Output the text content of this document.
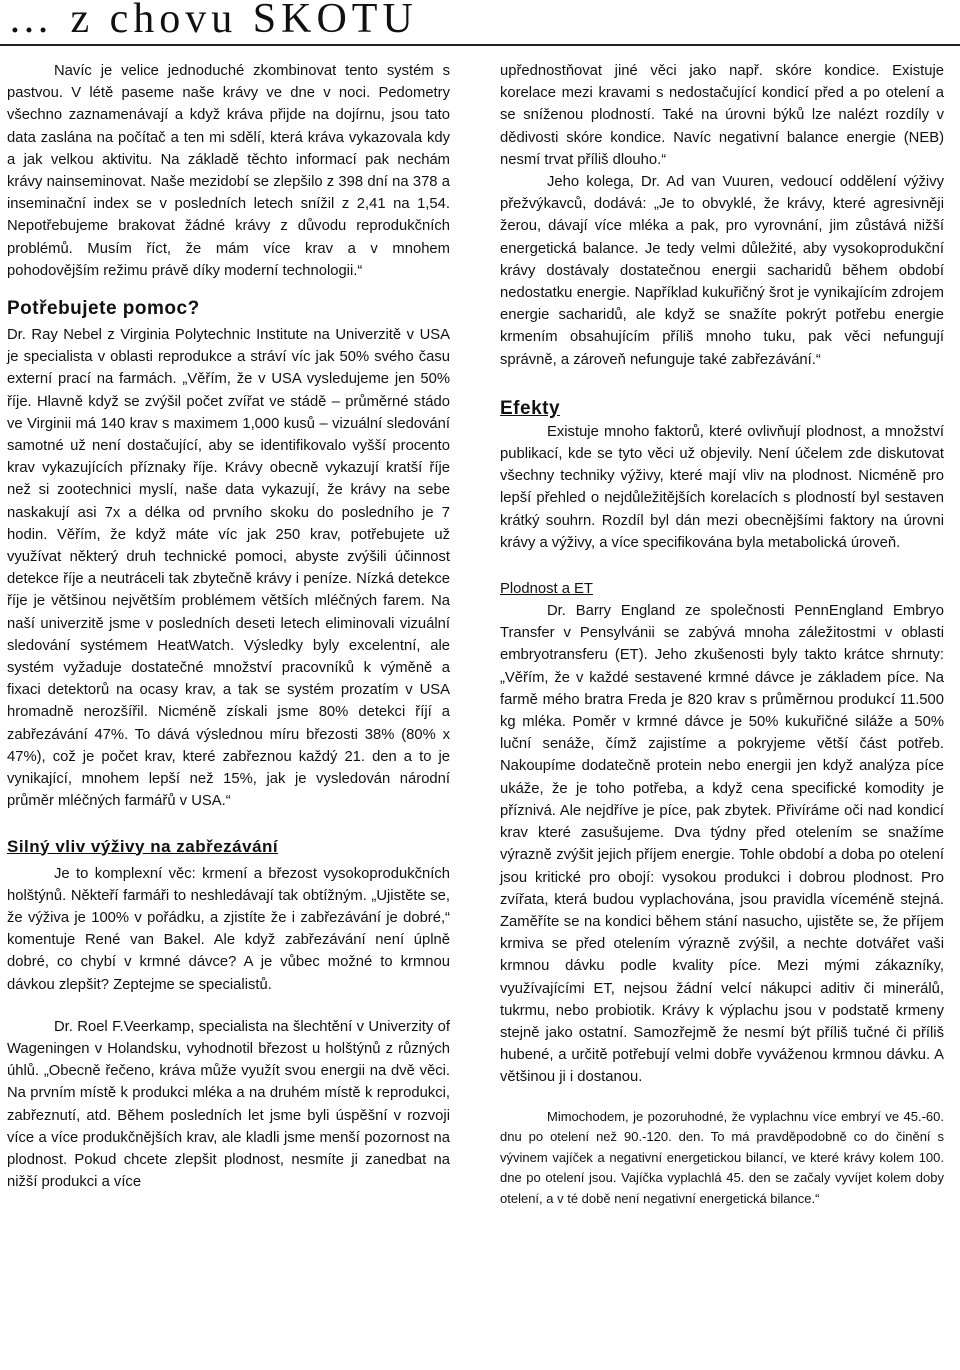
… z chovu SKOTU

Navíc je velice jednoduché zkombinovat tento systém s pastvou. V létě paseme naše krávy ve dne v noci. Pedometry všechno zaznamenávají a když kráva přijde na dojírnu, jsou tato data zaslána na počítač a ten mi sdělí, která kráva vykazovala kdy a jak velkou aktivitu. Na základě těchto informací pak nechám krávy nainseminovat. Naše mezidobí se zlepšilo z 398 dní na 378 a inseminační index se v posledních letech snížil z 2,41 na 1,54. Nepotřebujeme brakovat žádné krávy z důvodu reprodukčních problémů. Musím říct, že mám více krav a v mnohem pohodovějším režimu právě díky moderní technologii.“

Potřebujete pomoc?

Dr. Ray Nebel z Virginia Polytechnic Institute na Univerzitě v USA je specialista v oblasti reprodukce a stráví víc jak 50% svého času externí prací na farmách. „Věřím, že v USA vysledujeme jen 50% říje. Hlavně když se zvýšil počet zvířat ve stádě – průměrné stádo ve Virginii má 140 krav s maximem 1,000 kusů – vizuální sledování samotné už není dostačující, aby se identifikovalo vyšší procento krav vykazujících příznaky říje. Krávy obecně vykazují kratší říje než si zootechnici myslí, naše data vykazují, že krávy na sebe naskakují asi 7x a délka od prvního skoku do posledního je 7 hodin. Věřím, že když máte víc jak 250 krav, potřebujete už využívat některý druh technické pomoci, abyste zvýšili účinnost detekce říje a neutráceli tak zbytečně krávy i peníze. Nízká detekce říje je většinou největším problémem větších mléčných farem. Na naší univerzitě jsme v posledních deseti letech eliminovali vizuální sledování systémem HeatWatch. Výsledky byly excelentní, ale systém vyžaduje dostatečné množství pracovníků k výměně a fixaci detektorů na ocasy krav, a tak se systém prozatím v USA hromadně nerozšířil. Nicméně získali jsme 80% detekci říjí a zabřezávání 47%. To dává výslednou míru březosti 38% (80% x 47%), což je počet krav, které zabřeznou každý 21. den a to je vynikající, mnohem lepší než 15%, jak je vysledován národní průměr mléčných farmářů v USA.“

Silný vliv výživy na zabřezávání

Je to komplexní věc: krmení a březost vysokoprodukčních holštýnů. Někteří farmáři to neshledávají tak obtížným. „Ujistěte se, že výživa je 100% v pořádku, a zjistíte že i zabřezávání je dobré,“ komentuje René van Bakel. Ale když zabřezávání není úplně dobré, co chybí v krmné dávce? A je vůbec možné to krmnou dávkou zlepšit? Zeptejme se specialistů.

Dr. Roel F.Veerkamp, specialista na šlechtění v Univerzity of Wageningen v Holandsku, vyhodnotil březost u holštýnů z různých úhlů. „Obecně řečeno, kráva může využít svou energii na dvě věci. Na prvním místě k produkci mléka a na druhém místě k reprodukci, zabřeznutí, atd. Během posledních let jsme byli úspěšní v rozvoji více a více produkčnějších krav, ale kladli jsme menší pozornost na plodnost. Pokud chcete zlepšit plodnost, nesmíte ji zanedbat na nižší produkci a více

upřednostňovat jiné věci jako např. skóre kondice. Existuje korelace mezi kravami s nedostačující kondicí před a po otelení a se sníženou plodností. Také na úrovni býků lze nalézt rozdíly v dědivosti skóre kondice. Navíc negativní balance energie (NEB) nesmí trvat příliš dlouho.“

Jeho kolega, Dr. Ad van Vuuren, vedoucí oddělení výživy přežvýkavců, dodává: „Je to obvyklé, že krávy, které agresivněji žerou, dávají více mléka a pak, pro vyrovnání, jim zůstává nižší energetická balance. Je tedy velmi důležité, aby vysokoprodukční krávy dostávaly dostatečnou energii sacharidů během období nedostatku energie. Například kukuřičný šrot je vynikajícím zdrojem energie sacharidů, ale když se snažíte pokrýt potřebu energie krmením obsahujícím příliš mnoho tuku, pak věci nefungují správně, a zároveň nefunguje také zabřezávání.“

Efekty

Existuje mnoho faktorů, které ovlivňují plodnost, a množství publikací, kde se tyto věci už objevily. Není účelem zde diskutovat všechny techniky výživy, které mají vliv na plodnost. Nicméně pro lepší přehled o nejdůležitějších korelacích s plodností byl sestaven krátký souhrn. Rozdíl byl dán mezi obecnějšími faktory na úrovni krávy a výživy, a více specifikována byla metabolická úroveň.

Plodnost a ET

Dr. Barry England ze společnosti PennEngland Embryo Transfer v Pensylvánii se zabývá mnoha záležitostmi v oblasti embryotransferu (ET). Jeho zkušenosti byly takto krátce shrnuty: „Věřím, že v každé sestavené krmné dávce je základem píce. Na farmě mého bratra Freda je 820 krav s průměrnou produkcí 11.500 kg mléka. Poměr v krmné dávce je 50% kukuřičné siláže a 50% luční senáže, čímž zajistíme a pokryjeme větší část potřeb. Nakoupíme dodatečně protein nebo energii jen když analýza píce ukáže, že je toho potřeba, a když cena specifické komodity je příznivá. Ale nejdříve je píce, pak zbytek. Přivíráme oči nad kondicí krav které zasušujeme. Dva týdny před otelením se snažíme výrazně zvýšit jejich příjem energie. Tohle období a doba po otelení jsou kritické pro obojí: vysokou produkci i dobrou plodnost. Pro zvířata, která budou vyplachována, jsou pravidla víceméně stejná. Zaměříte se na kondici během stání nasucho, ujistěte se, že příjem krmiva se před otelením výrazně zvýšil, a nechte dotvářet vaši krmnou dávku podle kvality píce. Mezi mými zákazníky, využívajícími ET, nejsou žádní velcí nákupci aditiv či minerálů, tukrmu, nebo probiotik. Krávy k výplachu jsou v podstatě krmeny stejně jako ostatní. Samozřejmě že nesmí být příliš tučné či příliš hubené, a určitě potřebují velmi dobře vyváženou krmnou dávku. A většinou ji i dostanou.

Mimochodem, je pozoruhodné, že vyplachnu více embryí ve 45.-60. dnu po otelení než 90.-120. den. To má pravděpodobně co do činění s vývinem vajíček a negativní energetickou bilancí, ve které krávy kolem 100. dne po otelení jsou. Vajíčka vyplachlá 45. den se začaly vyvíjet kolem doby otelení, a v té době není negativní energetická bilance.“
